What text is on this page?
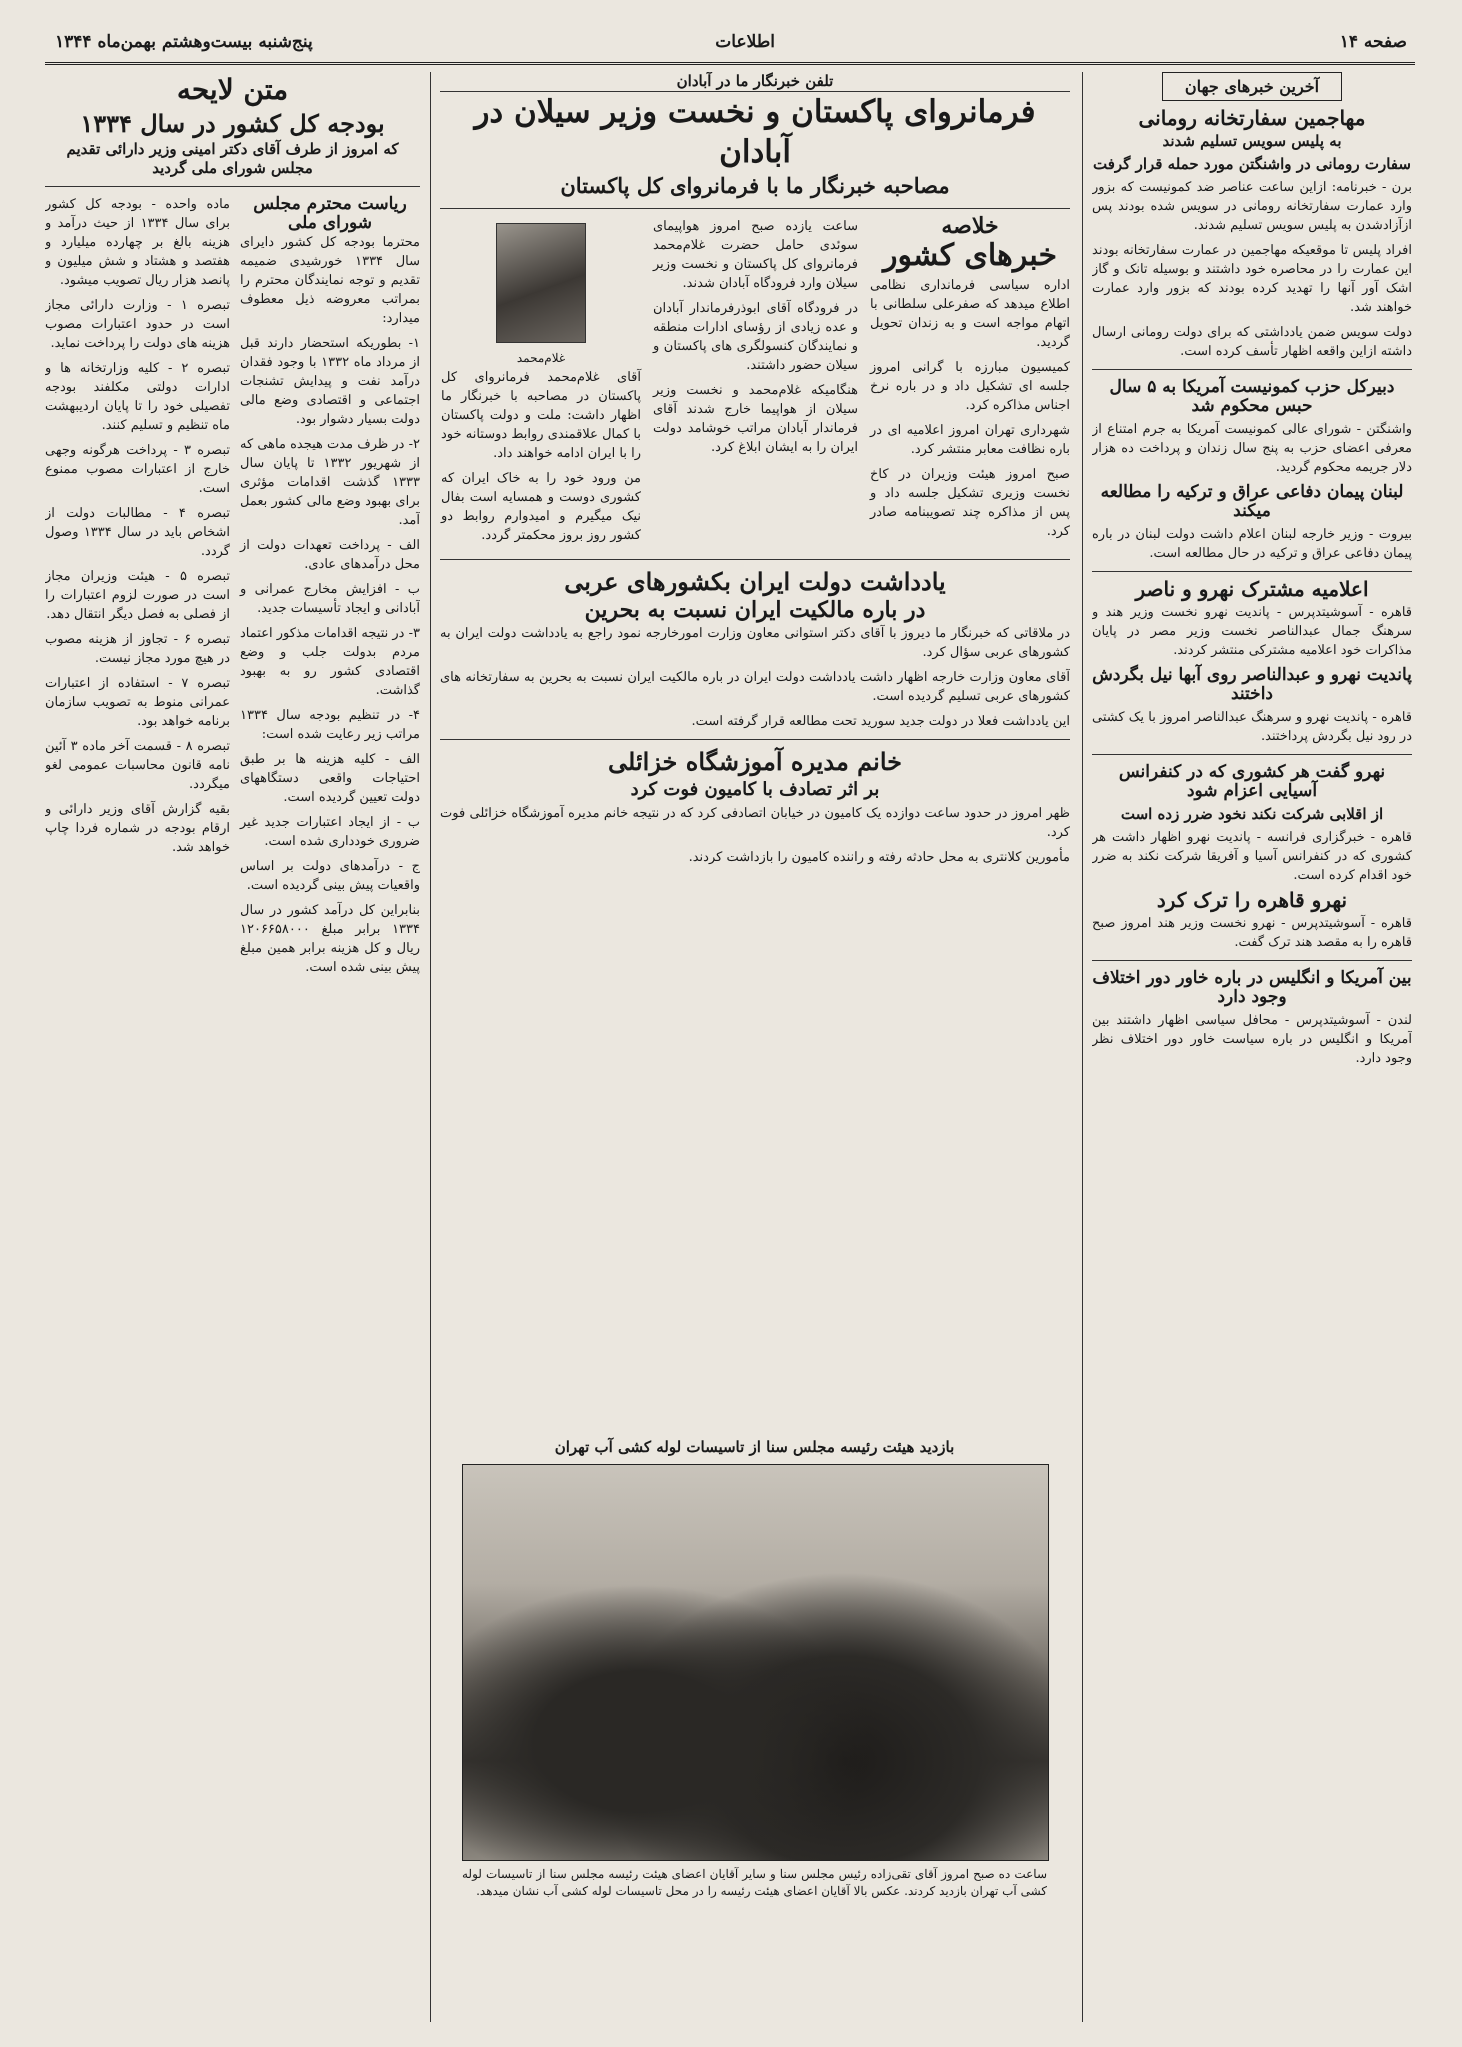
صفحه ۱۴
اطلاعات
پنج‌شنبه بیست‌وهشتم بهمن‌ماه ۱۳۴۴
آخرین خبرهای جهان
مهاجمین سفارتخانه رومانی
به پلیس سویس تسلیم شدند
سفارت رومانی در واشنگتن مورد حمله قرار گرفت

برن - خبرنامه: ازاین ساعت عناصر ضد کمونیست که بزور وارد عمارت سفارتخانه رومانی در سویس شده بودند پس ازآزادشدن به پلیس سویس تسلیم شدند.

افراد پلیس تا موقعیکه مهاجمین در عمارت سفارتخانه بودند این عمارت را در محاصره خود داشتند و بوسیله تانک و گاز اشک آور آنها را تهدید کرده بودند که بزور وارد عمارت خواهند شد.

دولت سویس ضمن یادداشتی که برای دولت رومانی ارسال داشته ازاین واقعه اظهار تأسف کرده است.

دبیرکل حزب کمونیست آمریکا به ۵ سال حبس محکوم شد

واشنگتن - شورای عالی کمونیست آمریکا به جرم امتناع از معرفی اعضای حزب به پنج سال زندان و پرداخت ده هزار دلار جریمه محکوم گردید.

لبنان پیمان دفاعی عراق و ترکیه را مطالعه میکند

بیروت - وزیر خارجه لبنان اعلام داشت دولت لبنان در باره پیمان دفاعی عراق و ترکیه در حال مطالعه است.

اعلامیه مشترک نهرو و ناصر

قاهره - آسوشیتدپرس - پاندیت نهرو نخست وزیر هند و سرهنگ جمال عبدالناصر نخست وزیر مصر در پایان مذاکرات خود اعلامیه مشترکی منتشر کردند.

پاندیت نهرو و عبدالناصر روی آبها نیل بگردش داختند

قاهره - پاندیت نهرو و سرهنگ عبدالناصر امروز با یک کشتی در رود نیل بگردش پرداختند.

نهرو گفت هر کشوری که در کنفرانس آسیایی اعزام شود
از اقلابی شرکت نکند نخود ضرر زده است

قاهره - خبرگزاری فرانسه - پاندیت نهرو اظهار داشت هر کشوری که در کنفرانس آسیا و آفریقا شرکت نکند به ضرر خود اقدام کرده است.

نهرو قاهره را ترک کرد

قاهره - آسوشیتدپرس - نهرو نخست وزیر هند امروز صبح قاهره را به مقصد هند ترک گفت.

بین آمریکا و انگلیس در باره خاور دور اختلاف وجود دارد

لندن - آسوشیتدپرس - محافل سیاسی اظهار داشتند بین آمریکا و انگلیس در باره سیاست خاور دور اختلاف نظر وجود دارد.

تلفن خبرنگار ما در آبادان
فرمانروای پاکستان و نخست وزیر سیلان در آبادان
مصاحبه خبرنگار ما با فرمانروای کل پاکستان
خلاصه
خبرهای کشور

اداره سیاسی فرمانداری نظامی اطلاع میدهد که صفرعلی سلطانی با اتهام مواجه است و به زندان تحویل گردید.

کمیسیون مبارزه با گرانی امروز جلسه ای تشکیل داد و در باره نرخ اجناس مذاکره کرد.

شهرداری تهران امروز اعلامیه ای در باره نظافت معابر منتشر کرد.

صبح امروز هیئت وزیران در کاخ نخست وزیری تشکیل جلسه داد و پس از مذاکره چند تصویبنامه صادر کرد.

ساعت یازده صبح امروز هواپیمای سوئدی حامل حضرت غلام‌محمد فرمانروای کل پاکستان و نخست وزیر سیلان وارد فرودگاه آبادان شدند.

در فرودگاه آقای ابوذرفرماندار آبادان و عده زیادی از رؤسای ادارات منطقه و نمایندگان کنسولگری های پاکستان و سیلان حضور داشتند.

هنگامیکه غلام‌محمد و نخست وزیر سیلان از هواپیما خارج شدند آقای فرماندار آبادان مراتب خوشامد دولت ایران را به ایشان ابلاغ کرد.

غلام‌محمد

آقای غلام‌محمد فرمانروای کل پاکستان در مصاحبه با خبرنگار ما اظهار داشت: ملت و دولت پاکستان با کمال علاقمندی روابط دوستانه خود را با ایران ادامه خواهند داد.

من ورود خود را به خاک ایران که کشوری دوست و همسایه است بفال نیک میگیرم و امیدوارم روابط دو کشور روز بروز محکمتر گردد.

یادداشت دولت ایران بکشورهای عربی
در باره مالکیت ایران نسبت به بحرین

در ملاقاتی که خبرنگار ما دیروز با آقای دکتر استوانی معاون وزارت امورخارجه نمود راجع به یادداشت دولت ایران به کشورهای عربی سؤال کرد.

آقای معاون وزارت خارجه اظهار داشت یادداشت دولت ایران در باره مالکیت ایران نسبت به بحرین به سفارتخانه های کشورهای عربی تسلیم گردیده است.

این یادداشت فعلا در دولت جدید سورید تحت مطالعه قرار گرفته است.

خانم مدیره آموزشگاه خزائلی
بر اثر تصادف با کامیون فوت کرد

ظهر امروز در حدود ساعت دوازده یک کامیون در خیابان اتصادفی کرد که در نتیجه خانم مدیره آموزشگاه خزائلی فوت کرد.

مأمورین کلانتری به محل حادثه رفته و راننده کامیون را بازداشت کردند.

بازدید هیئت رئیسه مجلس سنا از تاسیسات لوله کشی آب تهران
ساعت ده صبح امروز آقای تقی‌زاده رئیس مجلس سنا و سایر آقایان اعضای هیئت رئیسه مجلس سنا از تاسیسات لوله کشی آب تهران بازدید کردند. عکس بالا آقایان اعضای هیئت رئیسه را در محل تاسیسات لوله کشی آب نشان میدهد.
متن لایحه
بودجه کل کشور در سال ۱۳۳۴
که امروز از طرف آقای دکتر امینی وزیر دارائی تقدیم مجلس شورای ملی گردید
ریاست محترم مجلس شورای ملی

محترما بودجه کل کشور دایرای سال ۱۳۳۴ خورشیدی ضمیمه تقدیم و توجه نمایندگان محترم را بمراتب معروضه ذیل معطوف میدارد:

۱- بطوریکه استحضار دارند قبل از مرداد ماه ۱۳۳۲ با وجود فقدان درآمد نفت و پیدایش تشنجات اجتماعی و اقتصادی وضع مالی دولت بسیار دشوار بود.

۲- در ظرف مدت هیجده ماهی که از شهریور ۱۳۳۲ تا پایان سال ۱۳۳۳ گذشت اقدامات مؤثری برای بهبود وضع مالی کشور بعمل آمد.

الف - پرداخت تعهدات دولت از محل درآمدهای عادی.

ب - افزایش مخارج عمرانی و آبادانی و ایجاد تأسیسات جدید.

۳- در نتیجه اقدامات مذکور اعتماد مردم بدولت جلب و وضع اقتصادی کشور رو به بهبود گذاشت.

۴- در تنظیم بودجه سال ۱۳۳۴ مراتب زیر رعایت شده است:

الف - کلیه هزینه ها بر طبق احتیاجات واقعی دستگاههای دولت تعیین گردیده است.

ب - از ایجاد اعتبارات جدید غیر ضروری خودداری شده است.

ج - درآمدهای دولت بر اساس واقعیات پیش بینی گردیده است.

بنابراین کل درآمد کشور در سال ۱۳۳۴ برابر مبلغ ۱۲۰۶۶۵۸۰۰۰ ریال و کل هزینه برابر همین مبلغ پیش بینی شده است.

ماده واحده - بودجه کل کشور برای سال ۱۳۳۴ از حیث درآمد و هزینه بالغ بر چهارده میلیارد و هفتصد و هشتاد و شش میلیون و پانصد هزار ریال تصویب میشود.

تبصره ۱ - وزارت دارائی مجاز است در حدود اعتبارات مصوب هزینه های دولت را پرداخت نماید.

تبصره ۲ - کلیه وزارتخانه ها و ادارات دولتی مکلفند بودجه تفصیلی خود را تا پایان اردیبهشت ماه تنظیم و تسلیم کنند.

تبصره ۳ - پرداخت هرگونه وجهی خارج از اعتبارات مصوب ممنوع است.

تبصره ۴ - مطالبات دولت از اشخاص باید در سال ۱۳۳۴ وصول گردد.

تبصره ۵ - هیئت وزیران مجاز است در صورت لزوم اعتبارات را از فصلی به فصل دیگر انتقال دهد.

تبصره ۶ - تجاوز از هزینه مصوب در هیچ مورد مجاز نیست.

تبصره ۷ - استفاده از اعتبارات عمرانی منوط به تصویب سازمان برنامه خواهد بود.

تبصره ۸ - قسمت آخر ماده ۳ آئین نامه قانون محاسبات عمومی لغو میگردد.

بقیه گزارش آقای وزیر دارائی و ارقام بودجه در شماره فردا چاپ خواهد شد.
